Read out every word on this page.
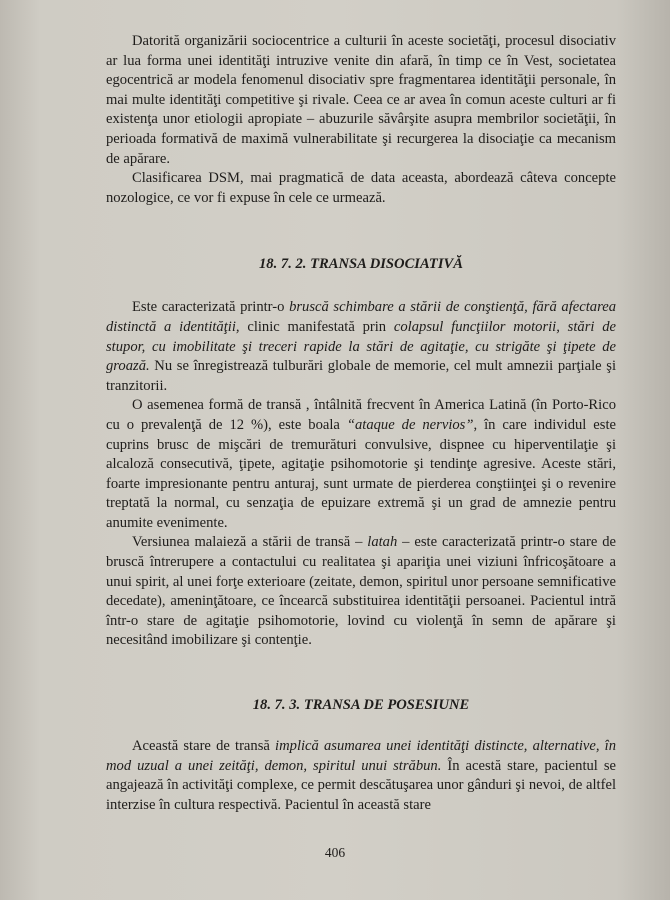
Datorită organizării sociocentrice a culturii în aceste societăţi, procesul disociativ ar lua forma unei identităţi intruzive venite din afară, în timp ce în Vest, societatea egocentrică ar modela fenomenul disociativ spre fragmentarea identităţii personale, în mai multe identităţi competitive şi rivale. Ceea ce ar avea în comun aceste culturi ar fi existenţa unor etiologii apropiate – abuzurile săvârşite asupra membrilor societăţii, în perioada formativă de maximă vulnerabilitate şi recurgerea la disociaţie ca mecanism de apărare.

Clasificarea DSM, mai pragmatică de data aceasta, abordează câteva concepte nozologice, ce vor fi expuse în cele ce urmează.

18. 7. 2. TRANSA DISOCIATIVĂ

Este caracterizată printr-o bruscă schimbare a stării de conştienţă, fără afectarea distinctă a identităţii, clinic manifestată prin colapsul funcţiilor motorii, stări de stupor, cu imobilitate şi treceri rapide la stări de agitaţie, cu strigăte şi ţipete de groază. Nu se înregistrează tulburări globale de memorie, cel mult amnezii parţiale şi tranzitorii.

O asemenea formă de transă , întâlnită frecvent în America Latină (în Porto-Rico cu o prevalenţă de 12 %), este boala “ataque de nervios”, în care individul este cuprins brusc de mişcări de tremurături convulsive, dispnee cu hiperventilaţie şi alcaloză consecutivă, ţipete, agitaţie psihomotorie şi tendinţe agresive. Aceste stări, foarte impresionante pentru anturaj, sunt urmate de pierderea conştiinţei şi o revenire treptată la normal, cu senzaţia de epuizare extremă şi un grad de amnezie pentru anumite evenimente.

Versiunea malaieză a stării de transă – latah – este caracterizată printr-o stare de bruscă întrerupere a contactului cu realitatea şi apariţia unei viziuni înfricoşătoare a unui spirit, al unei forţe exterioare (zeitate, demon, spiritul unor persoane semnificative decedate), ameninţătoare, ce încearcă substituirea identităţii persoanei. Pacientul intră într-o stare de agitaţie psihomotorie, lovind cu violenţă în semn de apărare şi necesitând imobilizare şi contenţie.

18. 7. 3. TRANSA DE POSESIUNE

Această stare de transă implică asumarea unei identităţi distincte, alternative, în mod uzual a unei zeităţi, demon, spiritul unui străbun. În acestă stare, pacientul se angajează în activităţi complexe, ce permit descătuşarea unor gânduri şi nevoi, de altfel interzise în cultura respectivă. Pacientul în această stare

406
